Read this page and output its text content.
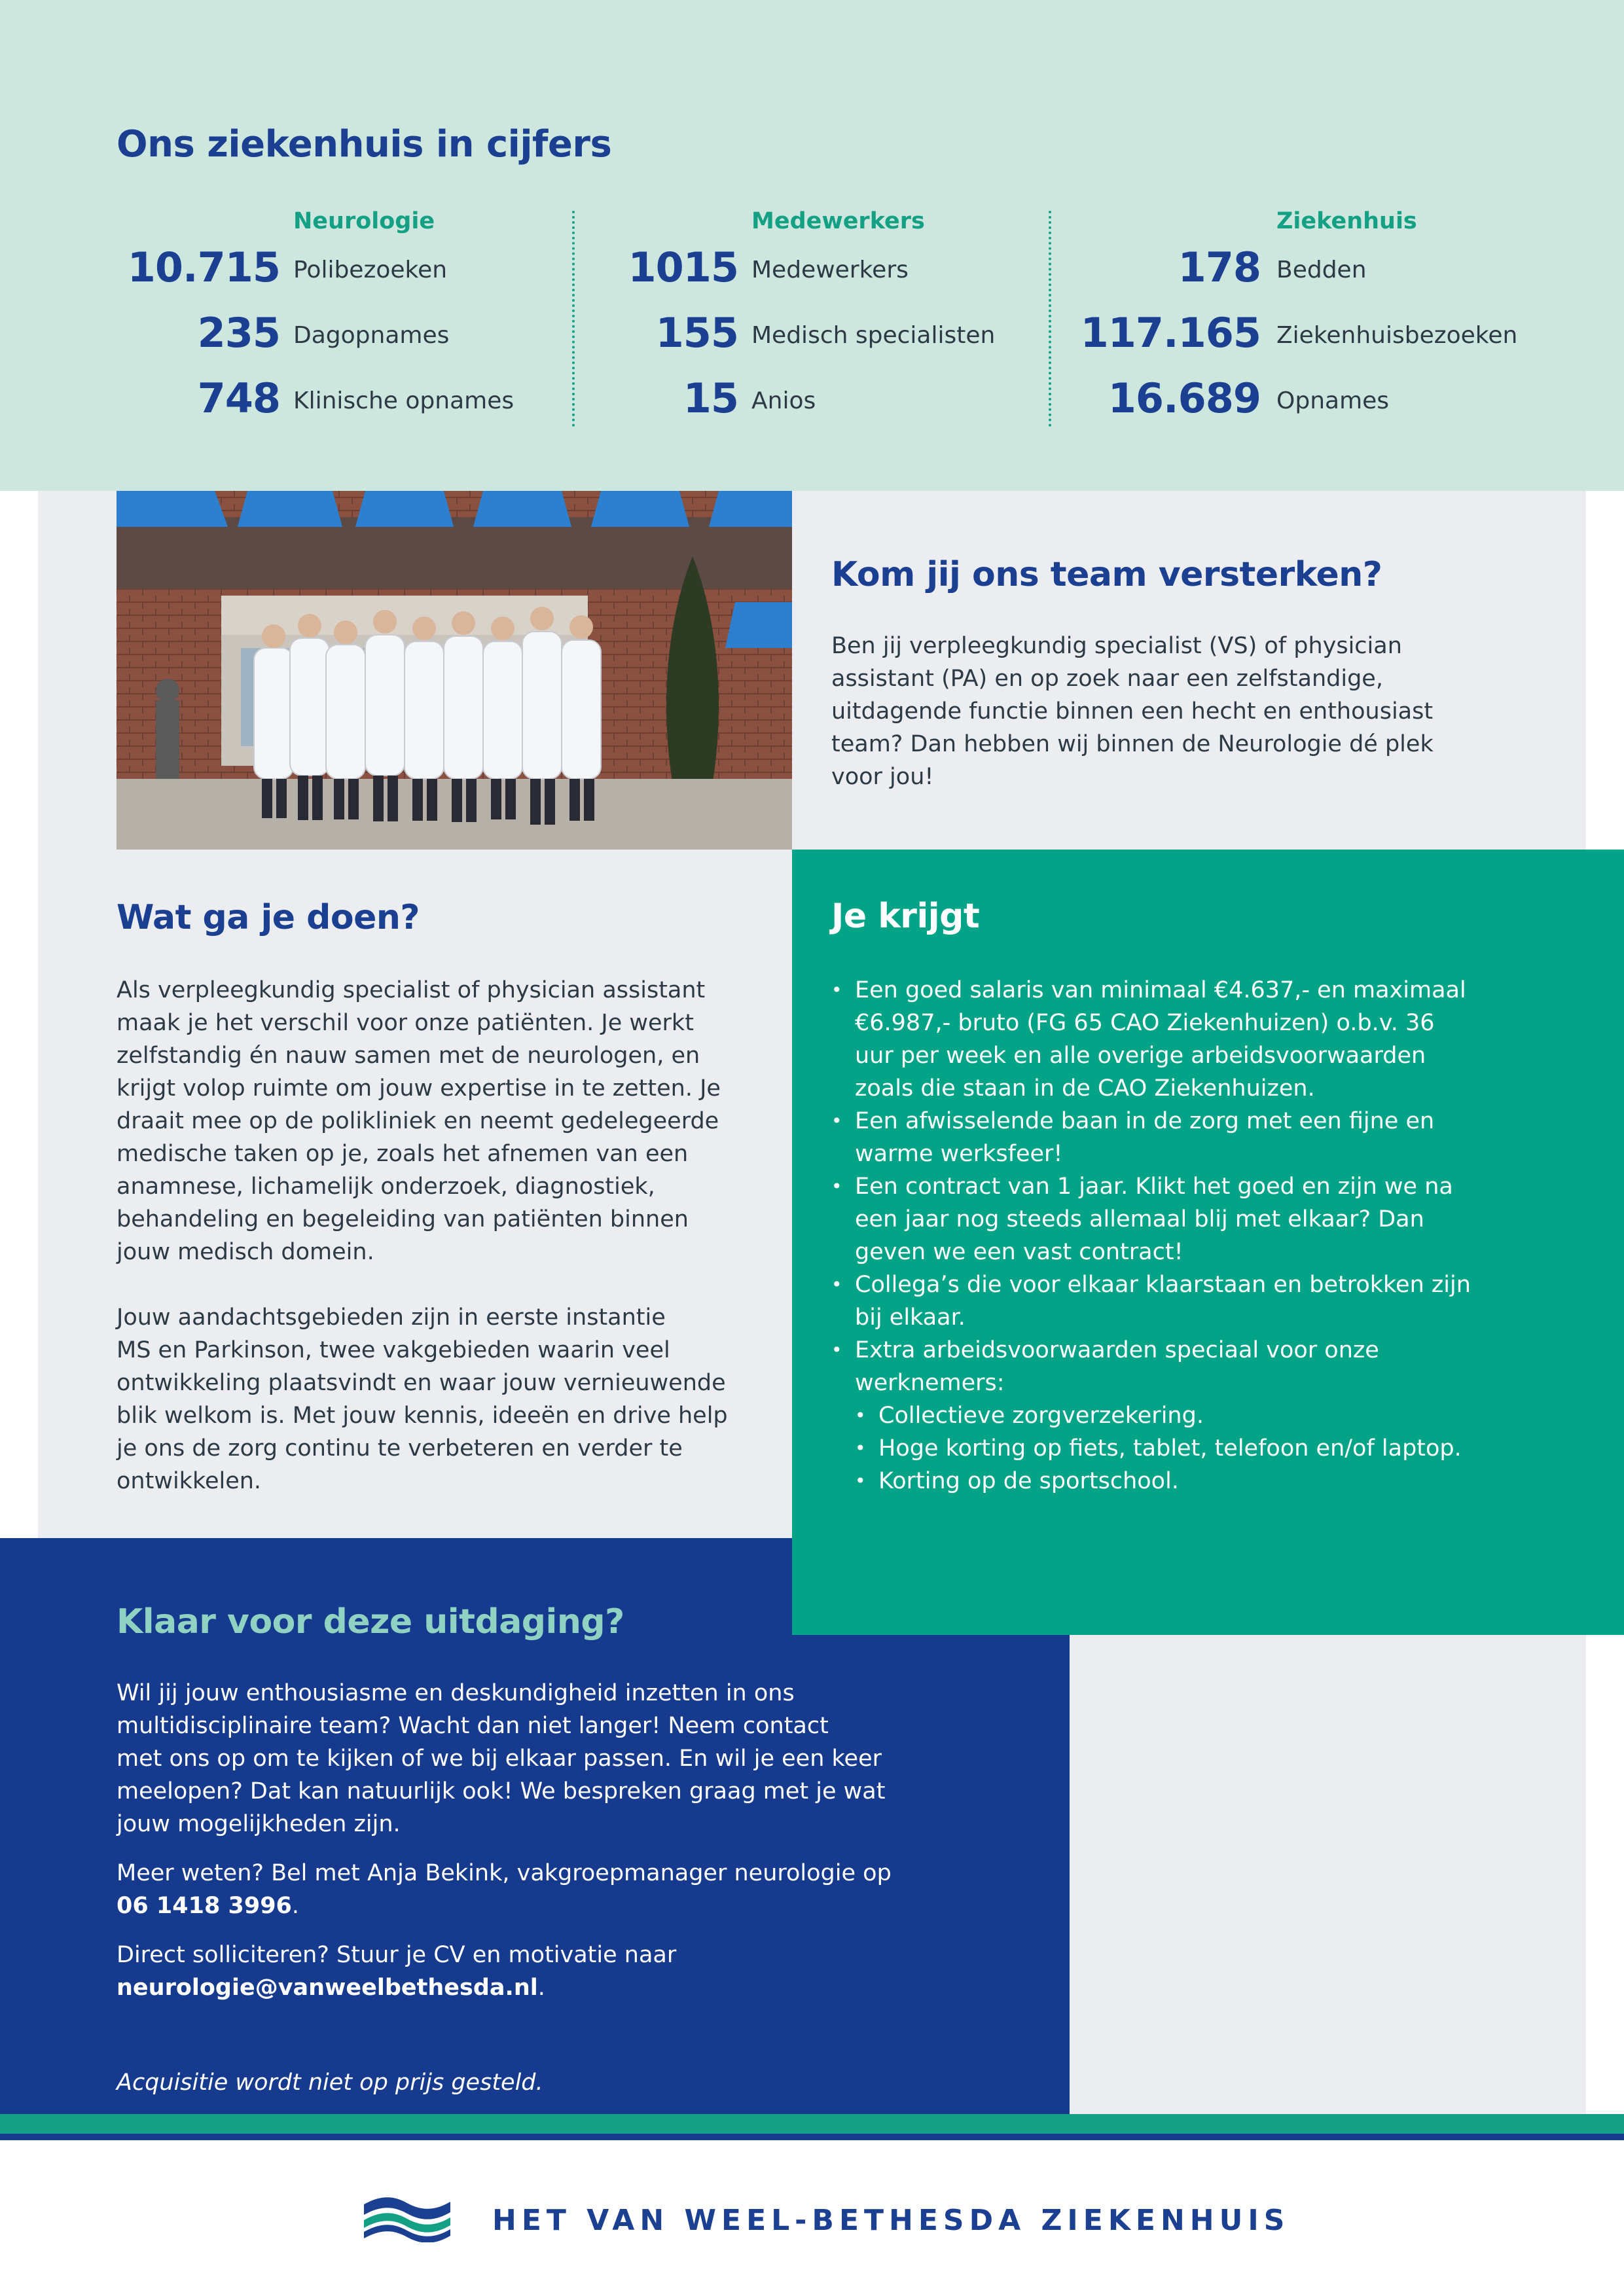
Ons ziekenhuis in cijfers
Neurologie
10.715 Polibezoeken
235 Dagopnames
748 Klinische opnames
Medewerkers
1015 Medewerkers
155 Medisch specialisten
15 Anios
Ziekenhuis
178 Bedden
117.165 Ziekenhuisbezoeken
16.689 Opnames
Kom jij ons team versterken?

Ben jij verpleegkundig specialist (VS) of physician

assistant (PA) en op zoek naar een zelfstandige,

uitdagende functie binnen een hecht en enthousiast

team? Dan hebben wij binnen de Neurologie dé plek

voor jou!

Wat ga je doen?

Als verpleegkundig specialist of physician assistant

maak je het verschil voor onze patiënten. Je werkt

zelfstandig én nauw samen met de neurologen, en

krijgt volop ruimte om jouw expertise in te zetten. Je

draait mee op de polikliniek en neemt gedelegeerde

medische taken op je, zoals het afnemen van een

anamnese, lichamelijk onderzoek, diagnostiek,

behandeling en begeleiding van patiënten binnen

jouw medisch domein.

Jouw aandachtsgebieden zijn in eerste instantie

MS en Parkinson, twee vakgebieden waarin veel

ontwikkeling plaatsvindt en waar jouw vernieuwende

blik welkom is. Met jouw kennis, ideeën en drive help

je ons de zorg continu te verbeteren en verder te

ontwikkelen.

Je krijgt
• Een goed salaris van minimaal €4.637,- en maximaal
€6.987,- bruto (FG 65 CAO Ziekenhuizen) o.b.v. 36
uur per week en alle overige arbeidsvoorwaarden
zoals die staan in de CAO Ziekenhuizen.
• Een afwisselende baan in de zorg met een fijne en
warme werksfeer!
• Een contract van 1 jaar. Klikt het goed en zijn we na
een jaar nog steeds allemaal blij met elkaar? Dan
geven we een vast contract!
• Collega’s die voor elkaar klaarstaan en betrokken zijn
bij elkaar.
• Extra arbeidsvoorwaarden speciaal voor onze
werknemers:
• Collectieve zorgverzekering.
• Hoge korting op fiets, tablet, telefoon en/of laptop.
• Korting op de sportschool.
Klaar voor deze uitdaging?

Wil jij jouw enthousiasme en deskundigheid inzetten in ons
multidisciplinaire team? Wacht dan niet langer! Neem contact
met ons op om te kijken of we bij elkaar passen. En wil je een keer
meelopen? Dat kan natuurlijk ook! We bespreken graag met je wat
jouw mogelijkheden zijn.

Meer weten? Bel met Anja Bekink, vakgroepmanager neurologie op
06 1418 3996.

Direct solliciteren? Stuur je CV en motivatie naar
neurologie@vanweelbethesda.nl.

Acquisitie wordt niet op prijs gesteld.
HET VAN WEEL-BETHESDA ZIEKENHUIS
